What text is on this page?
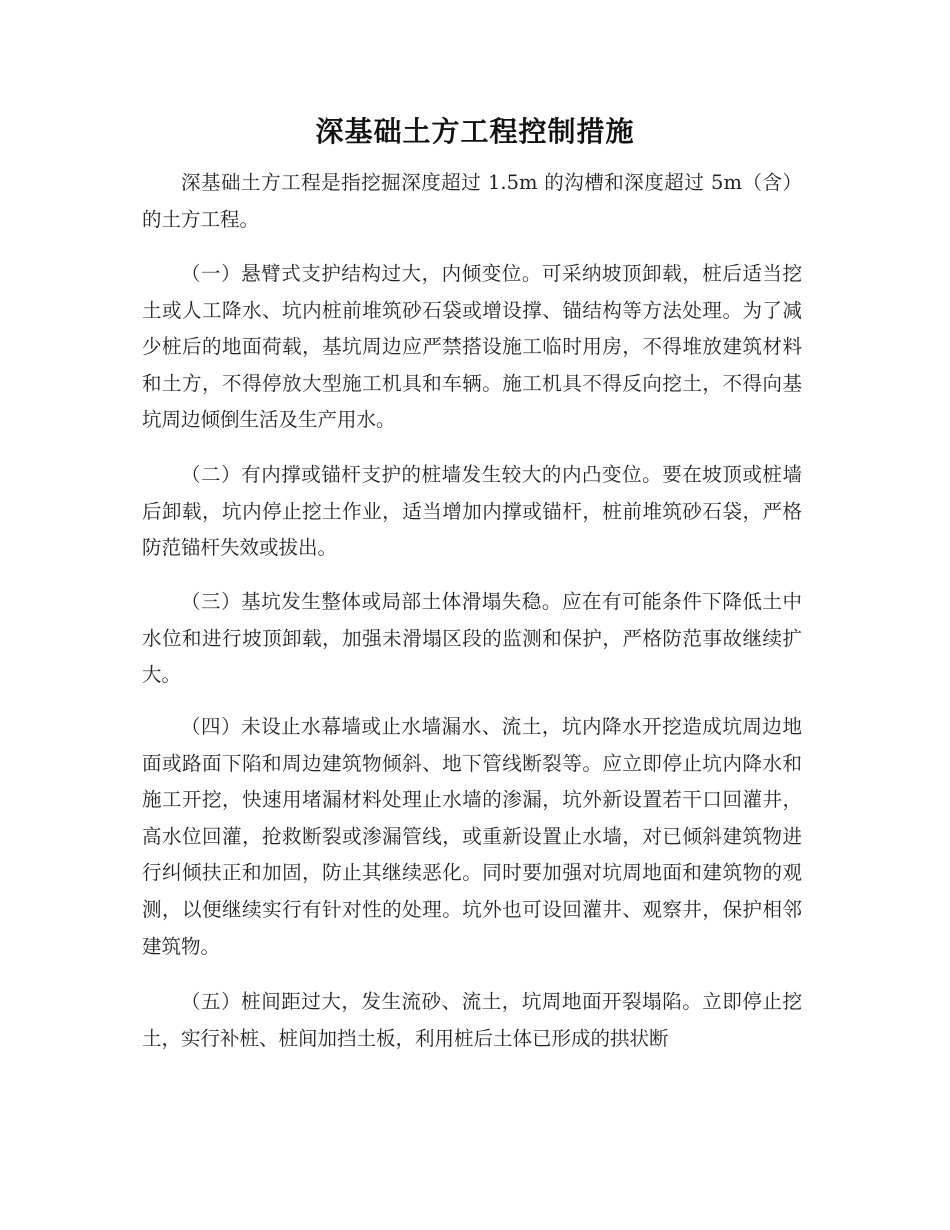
深基础土方工程控制措施

深基础土方工程是指挖掘深度超过 1.5m 的沟槽和深度超过 5m（含）的土方工程。

（一）悬臂式支护结构过大，内倾变位。可采纳坡顶卸载，桩后适当挖土或人工降水、坑内桩前堆筑砂石袋或增设撑、锚结构等方法处理。为了减少桩后的地面荷载，基坑周边应严禁搭设施工临时用房，不得堆放建筑材料和土方，不得停放大型施工机具和车辆。施工机具不得反向挖土，不得向基坑周边倾倒生活及生产用水。

（二）有内撑或锚杆支护的桩墙发生较大的内凸变位。要在坡顶或桩墙后卸载，坑内停止挖土作业，适当增加内撑或锚杆，桩前堆筑砂石袋，严格防范锚杆失效或拔出。

（三）基坑发生整体或局部土体滑塌失稳。应在有可能条件下降低土中水位和进行坡顶卸载，加强未滑塌区段的监测和保护，严格防范事故继续扩大。

（四）未设止水幕墙或止水墙漏水、流土，坑内降水开挖造成坑周边地面或路面下陷和周边建筑物倾斜、地下管线断裂等。应立即停止坑内降水和施工开挖，快速用堵漏材料处理止水墙的渗漏，坑外新设置若干口回灌井，高水位回灌，抢救断裂或渗漏管线，或重新设置止水墙，对已倾斜建筑物进行纠倾扶正和加固，防止其继续恶化。同时要加强对坑周地面和建筑物的观测，以便继续实行有针对性的处理。坑外也可设回灌井、观察井，保护相邻建筑物。

（五）桩间距过大，发生流砂、流土，坑周地面开裂塌陷。立即停止挖土，实行补桩、桩间加挡土板，利用桩后土体已形成的拱状断
